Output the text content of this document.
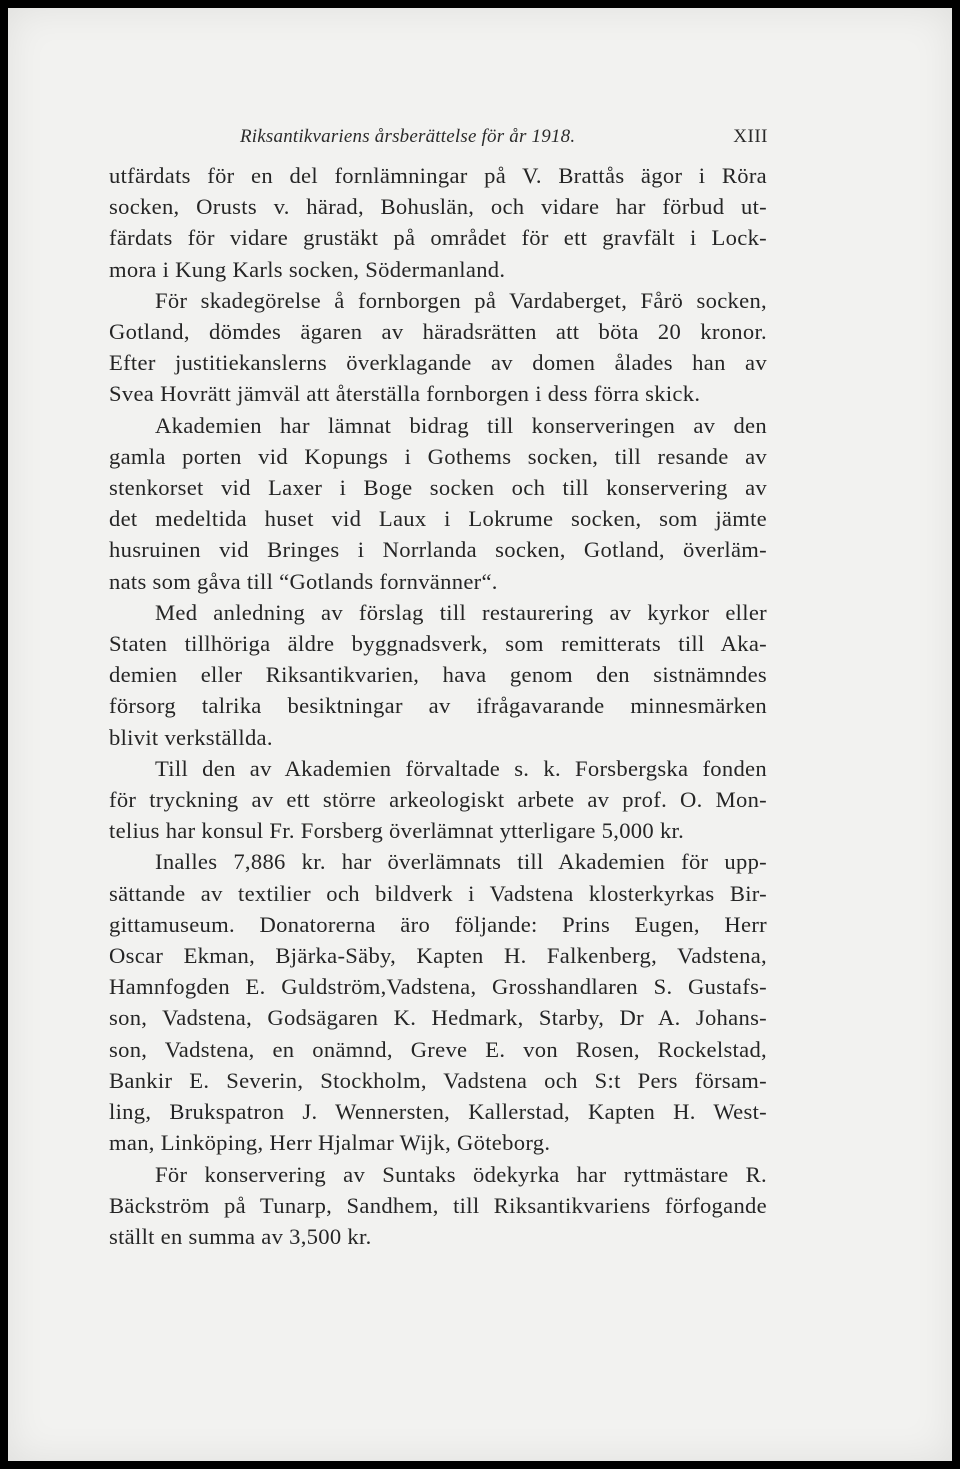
Riksantikvariens årsberättelse för år 1918.	XIII

utfärdats för en del fornlämningar på V. Brattås ägor i Röra
socken, Orusts v. härad, Bohuslän, och vidare har förbud ut-
färdats för vidare grustäkt på området för ett gravfält i Lock-
mora i Kung Karls socken, Södermanland.

För skadegörelse å fornborgen på Vardaberget, Fårö socken,
Gotland, dömdes ägaren av häradsrätten att böta 20 kronor.
Efter justitiekanslerns överklagande av domen ålades han av
Svea Hovrätt jämväl att återställa fornborgen i dess förra skick.

Akademien har lämnat bidrag till konserveringen av den
gamla porten vid Kopungs i Gothems socken, till resande av
stenkorset vid Laxer i Boge socken och till konservering av
det medeltida huset vid Laux i Lokrume socken, som jämte
husruinen vid Bringes i Norrlanda socken, Gotland, överläm-
nats som gåva till “Gotlands fornvänner“.

Med anledning av förslag till restaurering av kyrkor eller
Staten tillhöriga äldre byggnadsverk, som remitterats till Aka-
demien eller Riksantikvarien, hava genom den sistnämndes
försorg talrika besiktningar av ifrågavarande minnesmärken
blivit verkställda.

Till den av Akademien förvaltade s. k. Forsbergska fonden
för tryckning av ett större arkeologiskt arbete av prof. O. Mon-
telius har konsul Fr. Forsberg överlämnat ytterligare 5,000 kr.

Inalles 7,886 kr. har överlämnats till Akademien för upp-
sättande av textilier och bildverk i Vadstena klosterkyrkas Bir-
gittamuseum. Donatorerna äro följande: Prins Eugen, Herr
Oscar Ekman, Bjärka-Säby, Kapten H. Falkenberg, Vadstena,
Hamnfogden E. Guldström,Vadstena, Grosshandlaren S. Gustafs-
son, Vadstena, Godsägaren K. Hedmark, Starby, Dr A. Johans-
son, Vadstena, en onämnd, Greve E. von Rosen, Rockelstad,
Bankir E. Severin, Stockholm, Vadstena och S:t Pers försam-
ling, Brukspatron J. Wennersten, Kallerstad, Kapten H. West-
man, Linköping, Herr Hjalmar Wijk, Göteborg.

För konservering av Suntaks ödekyrka har ryttmästare R.
Bäckström på Tunarp, Sandhem, till Riksantikvariens förfogande
ställt en summa av 3,500 kr.
